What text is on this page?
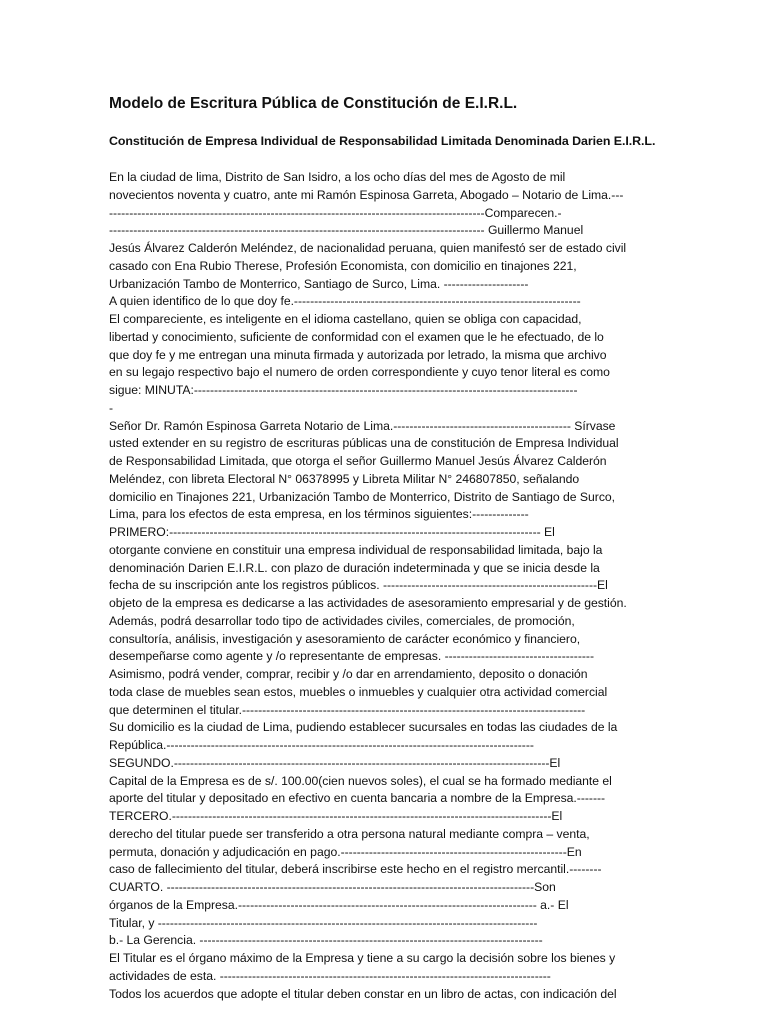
Modelo de Escritura Pública de Constitución de E.I.R.L.
Constitución de Empresa Individual de Responsabilidad Limitada Denominada Darien E.I.R.L.
En la ciudad de lima, Distrito de San Isidro, a los ocho días del mes de Agosto de mil
novecientos noventa y cuatro, ante mi Ramón Espinosa Garreta, Abogado – Notario de Lima.---
---------------------------------------------------------------------------------------------Comparecen.-
--------------------------------------------------------------------------------------------- Guillermo Manuel
Jesús Álvarez Calderón Meléndez, de nacionalidad peruana, quien manifestó ser de estado civil
casado con Ena Rubio Therese, Profesión Economista, con domicilio en tinajones 221,
Urbanización Tambo de Monterrico, Santiago de Surco, Lima. ---------------------
A quien identifico de lo que doy fe.-----------------------------------------------------------------------
El compareciente, es inteligente en el idioma castellano, quien se obliga con capacidad,
libertad y conocimiento, suficiente de conformidad con el examen que le he efectuado, de lo
que doy fe y me entregan una minuta firmada y autorizada por letrado, la misma que archivo
en su legajo respectivo bajo el numero de orden correspondiente y cuyo tenor literal es como
sigue: MINUTA:-----------------------------------------------------------------------------------------------
-
Señor Dr. Ramón Espinosa Garreta Notario de Lima.-------------------------------------------- Sírvase
usted extender en su registro de escrituras públicas una de constitución de Empresa Individual
de Responsabilidad Limitada, que otorga el señor Guillermo Manuel Jesús Álvarez Calderón
Meléndez, con libreta Electoral N° 06378995 y Libreta Militar N° 246807850, señalando
domicilio en Tinajones 221, Urbanización Tambo de Monterrico, Distrito de Santiago de Surco,
Lima, para los efectos de esta empresa, en los términos siguientes:--------------
PRIMERO:-------------------------------------------------------------------------------------------- El
otorgante conviene en constituir una empresa individual de responsabilidad limitada, bajo la
denominación Darien E.I.R.L. con plazo de duración indeterminada y que se inicia desde la
fecha de su inscripción ante los registros públicos. -----------------------------------------------------El
objeto de la empresa es dedicarse a las actividades de asesoramiento empresarial y de gestión.
Además, podrá desarrollar todo tipo de actividades civiles, comerciales, de promoción,
consultoría, análisis, investigación y asesoramiento de carácter económico y financiero,
desempeñarse como agente y /o representante de empresas. -------------------------------------
Asimismo, podrá vender, comprar, recibir y /o dar en arrendamiento, deposito o donación
toda clase de muebles sean estos, muebles o inmuebles y cualquier otra actividad comercial
que determinen el titular.-------------------------------------------------------------------------------------
Su domicilio es la ciudad de Lima, pudiendo establecer sucursales en todas las ciudades de la
República.-------------------------------------------------------------------------------------------
SEGUNDO.---------------------------------------------------------------------------------------------El
Capital de la Empresa es de s/. 100.00(cien nuevos soles), el cual se ha formado mediante el
aporte del titular y depositado en efectivo en cuenta bancaria a nombre de la Empresa.-------
TERCERO.----------------------------------------------------------------------------------------------El
derecho del titular puede ser transferido a otra persona natural mediante compra – venta,
permuta, donación y adjudicación en pago.--------------------------------------------------------En
caso de fallecimiento del titular, deberá inscribirse este hecho en el registro mercantil.--------
CUARTO. -------------------------------------------------------------------------------------------Son
órganos de la Empresa.-------------------------------------------------------------------------- a.- El
Titular, y ----------------------------------------------------------------------------------------------
b.- La Gerencia. -------------------------------------------------------------------------------------
El Titular es el órgano máximo de la Empresa y tiene a su cargo la decisión sobre los bienes y
actividades de esta. ----------------------------------------------------------------------------------
Todos los acuerdos que adopte el titular deben constar en un libro de actas, con indicación del
